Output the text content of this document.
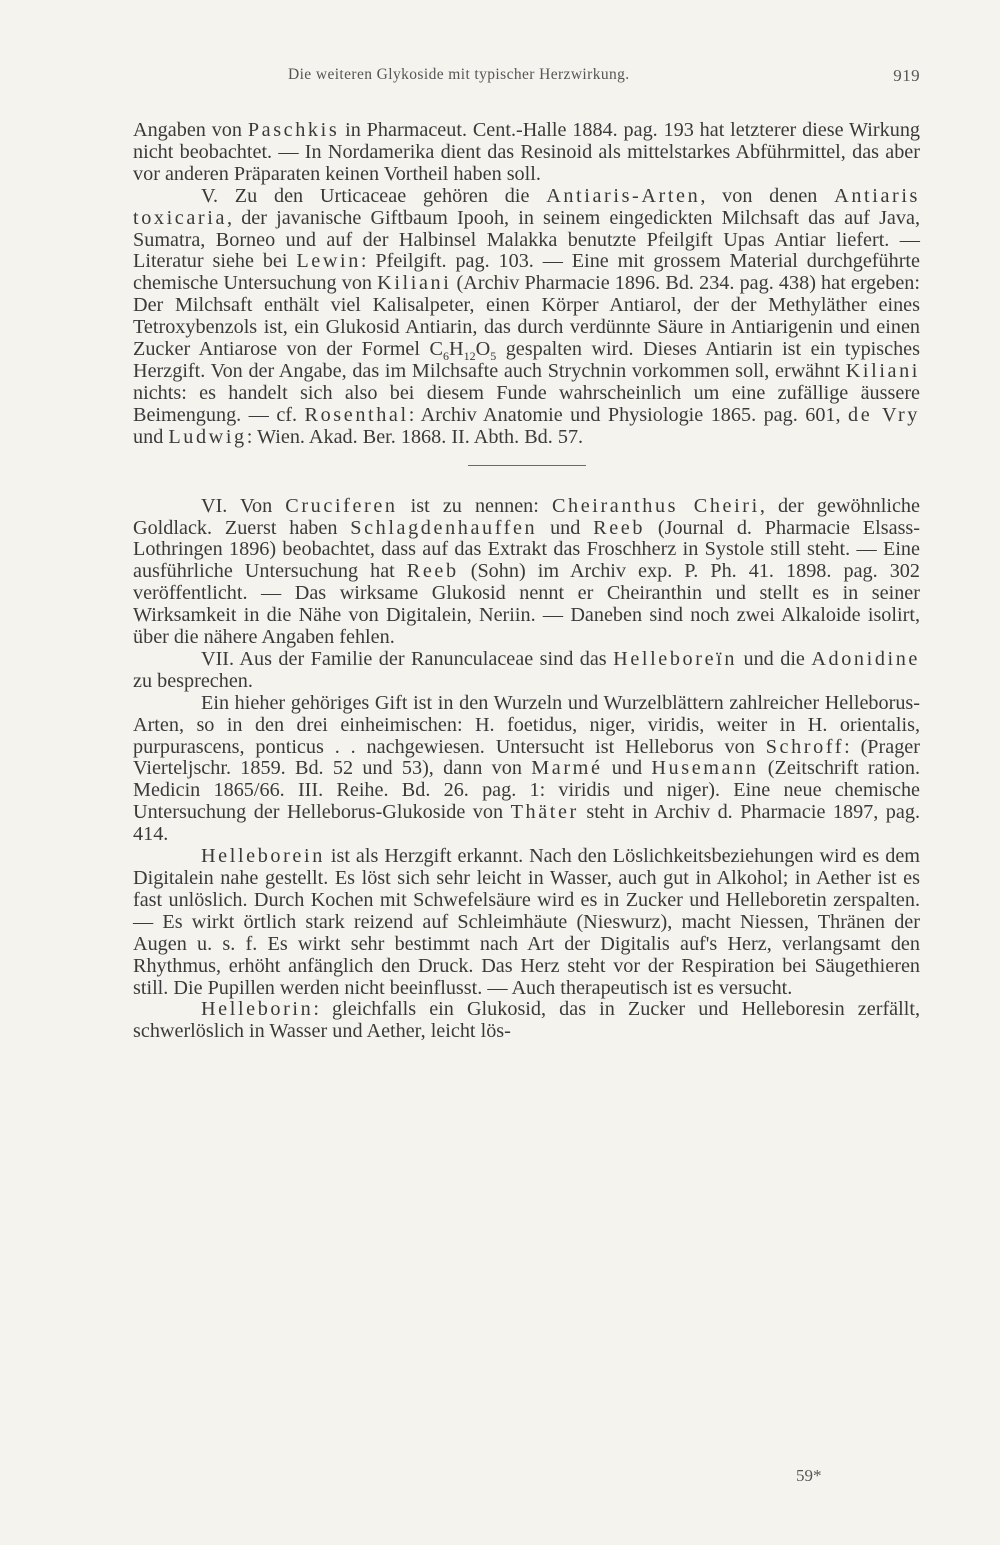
Die weiteren Glykoside mit typischer Herzwirkung.	919

Angaben von Paschkis in Pharmaceut. Cent.-Halle 1884. pag. 193 hat letzterer diese Wirkung nicht beobachtet. — In Nordamerika dient das Resinoid als mittelstarkes Abführmittel, das aber vor anderen Präparaten keinen Vortheil haben soll.

V. Zu den Urticaceae gehören die Antiaris-Arten, von denen Antiaris toxicaria, der javanische Giftbaum Ipooh, in seinem eingedickten Milchsaft das auf Java, Sumatra, Borneo und auf der Halbinsel Malakka benutzte Pfeilgift Upas Antiar liefert. — Literatur siehe bei Lewin: Pfeilgift. pag. 103. — Eine mit grossem Material durchgeführte chemische Untersuchung von Kiliani (Archiv Pharmacie 1896. Bd. 234. pag. 438) hat ergeben: Der Milchsaft enthält viel Kalisalpeter, einen Körper Antiarol, der der Methyläther eines Tetroxybenzols ist, ein Glukosid Antiarin, das durch verdünnte Säure in Antiarigenin und einen Zucker Antiarose von der Formel $C_6H_{12}O_5$ gespalten wird. Dieses Antiarin ist ein typisches Herzgift. Von der Angabe, das im Milchsafte auch Strychnin vorkommen soll, erwähnt Kiliani nichts: es handelt sich also bei diesem Funde wahrscheinlich um eine zufällige äussere Beimengung. — cf. Rosenthal: Archiv Anatomie und Physiologie 1865. pag. 601, de Vry und Ludwig: Wien. Akad. Ber. 1868. II. Abth. Bd. 57.

VI. Von Cruciferen ist zu nennen: Cheiranthus Cheiri, der gewöhnliche Goldlack. Zuerst haben Schlagdenhauffen und Reeb (Journal d. Pharmacie Elsass-Lothringen 1896) beobachtet, dass auf das Extrakt das Froschherz in Systole still steht. — Eine ausführliche Untersuchung hat Reeb (Sohn) im Archiv exp. P. Ph. 41. 1898. pag. 302 veröffentlicht. — Das wirksame Glukosid nennt er Cheiranthin und stellt es in seiner Wirksamkeit in die Nähe von Digitalein, Neriin. — Daneben sind noch zwei Alkaloide isolirt, über die nähere Angaben fehlen.

VII. Aus der Familie der Ranunculaceae sind das Helleboreïn und die Adonidine zu besprechen.

Ein hieher gehöriges Gift ist in den Wurzeln und Wurzelblättern zahlreicher Helleborus-Arten, so in den drei einheimischen: H. foetidus, niger, viridis, weiter in H. orientalis, purpurascens, ponticus . . nachgewiesen. Untersucht ist Helleborus von Schroff: (Prager Vierteljschr. 1859. Bd. 52 und 53), dann von Marmé und Husemann (Zeitschrift ration. Medicin 1865/66. III. Reihe. Bd. 26. pag. 1: viridis und niger). Eine neue chemische Untersuchung der Helleborus-Glukoside von Thäter steht in Archiv d. Pharmacie 1897, pag. 414.

Helleborein ist als Herzgift erkannt. Nach den Löslichkeitsbeziehungen wird es dem Digitalein nahe gestellt. Es löst sich sehr leicht in Wasser, auch gut in Alkohol; in Aether ist es fast unlöslich. Durch Kochen mit Schwefelsäure wird es in Zucker und Helleboretin zerspalten. — Es wirkt örtlich stark reizend auf Schleimhäute (Nieswurz), macht Niessen, Thränen der Augen u. s. f. Es wirkt sehr bestimmt nach Art der Digitalis auf's Herz, verlangsamt den Rhythmus, erhöht anfänglich den Druck. Das Herz steht vor der Respiration bei Säugethieren still. Die Pupillen werden nicht beeinflusst. — Auch therapeutisch ist es versucht.

Helleborin: gleichfalls ein Glukosid, das in Zucker und Helleboresin zerfällt, schwerlöslich in Wasser und Aether, leicht lös-

59*
